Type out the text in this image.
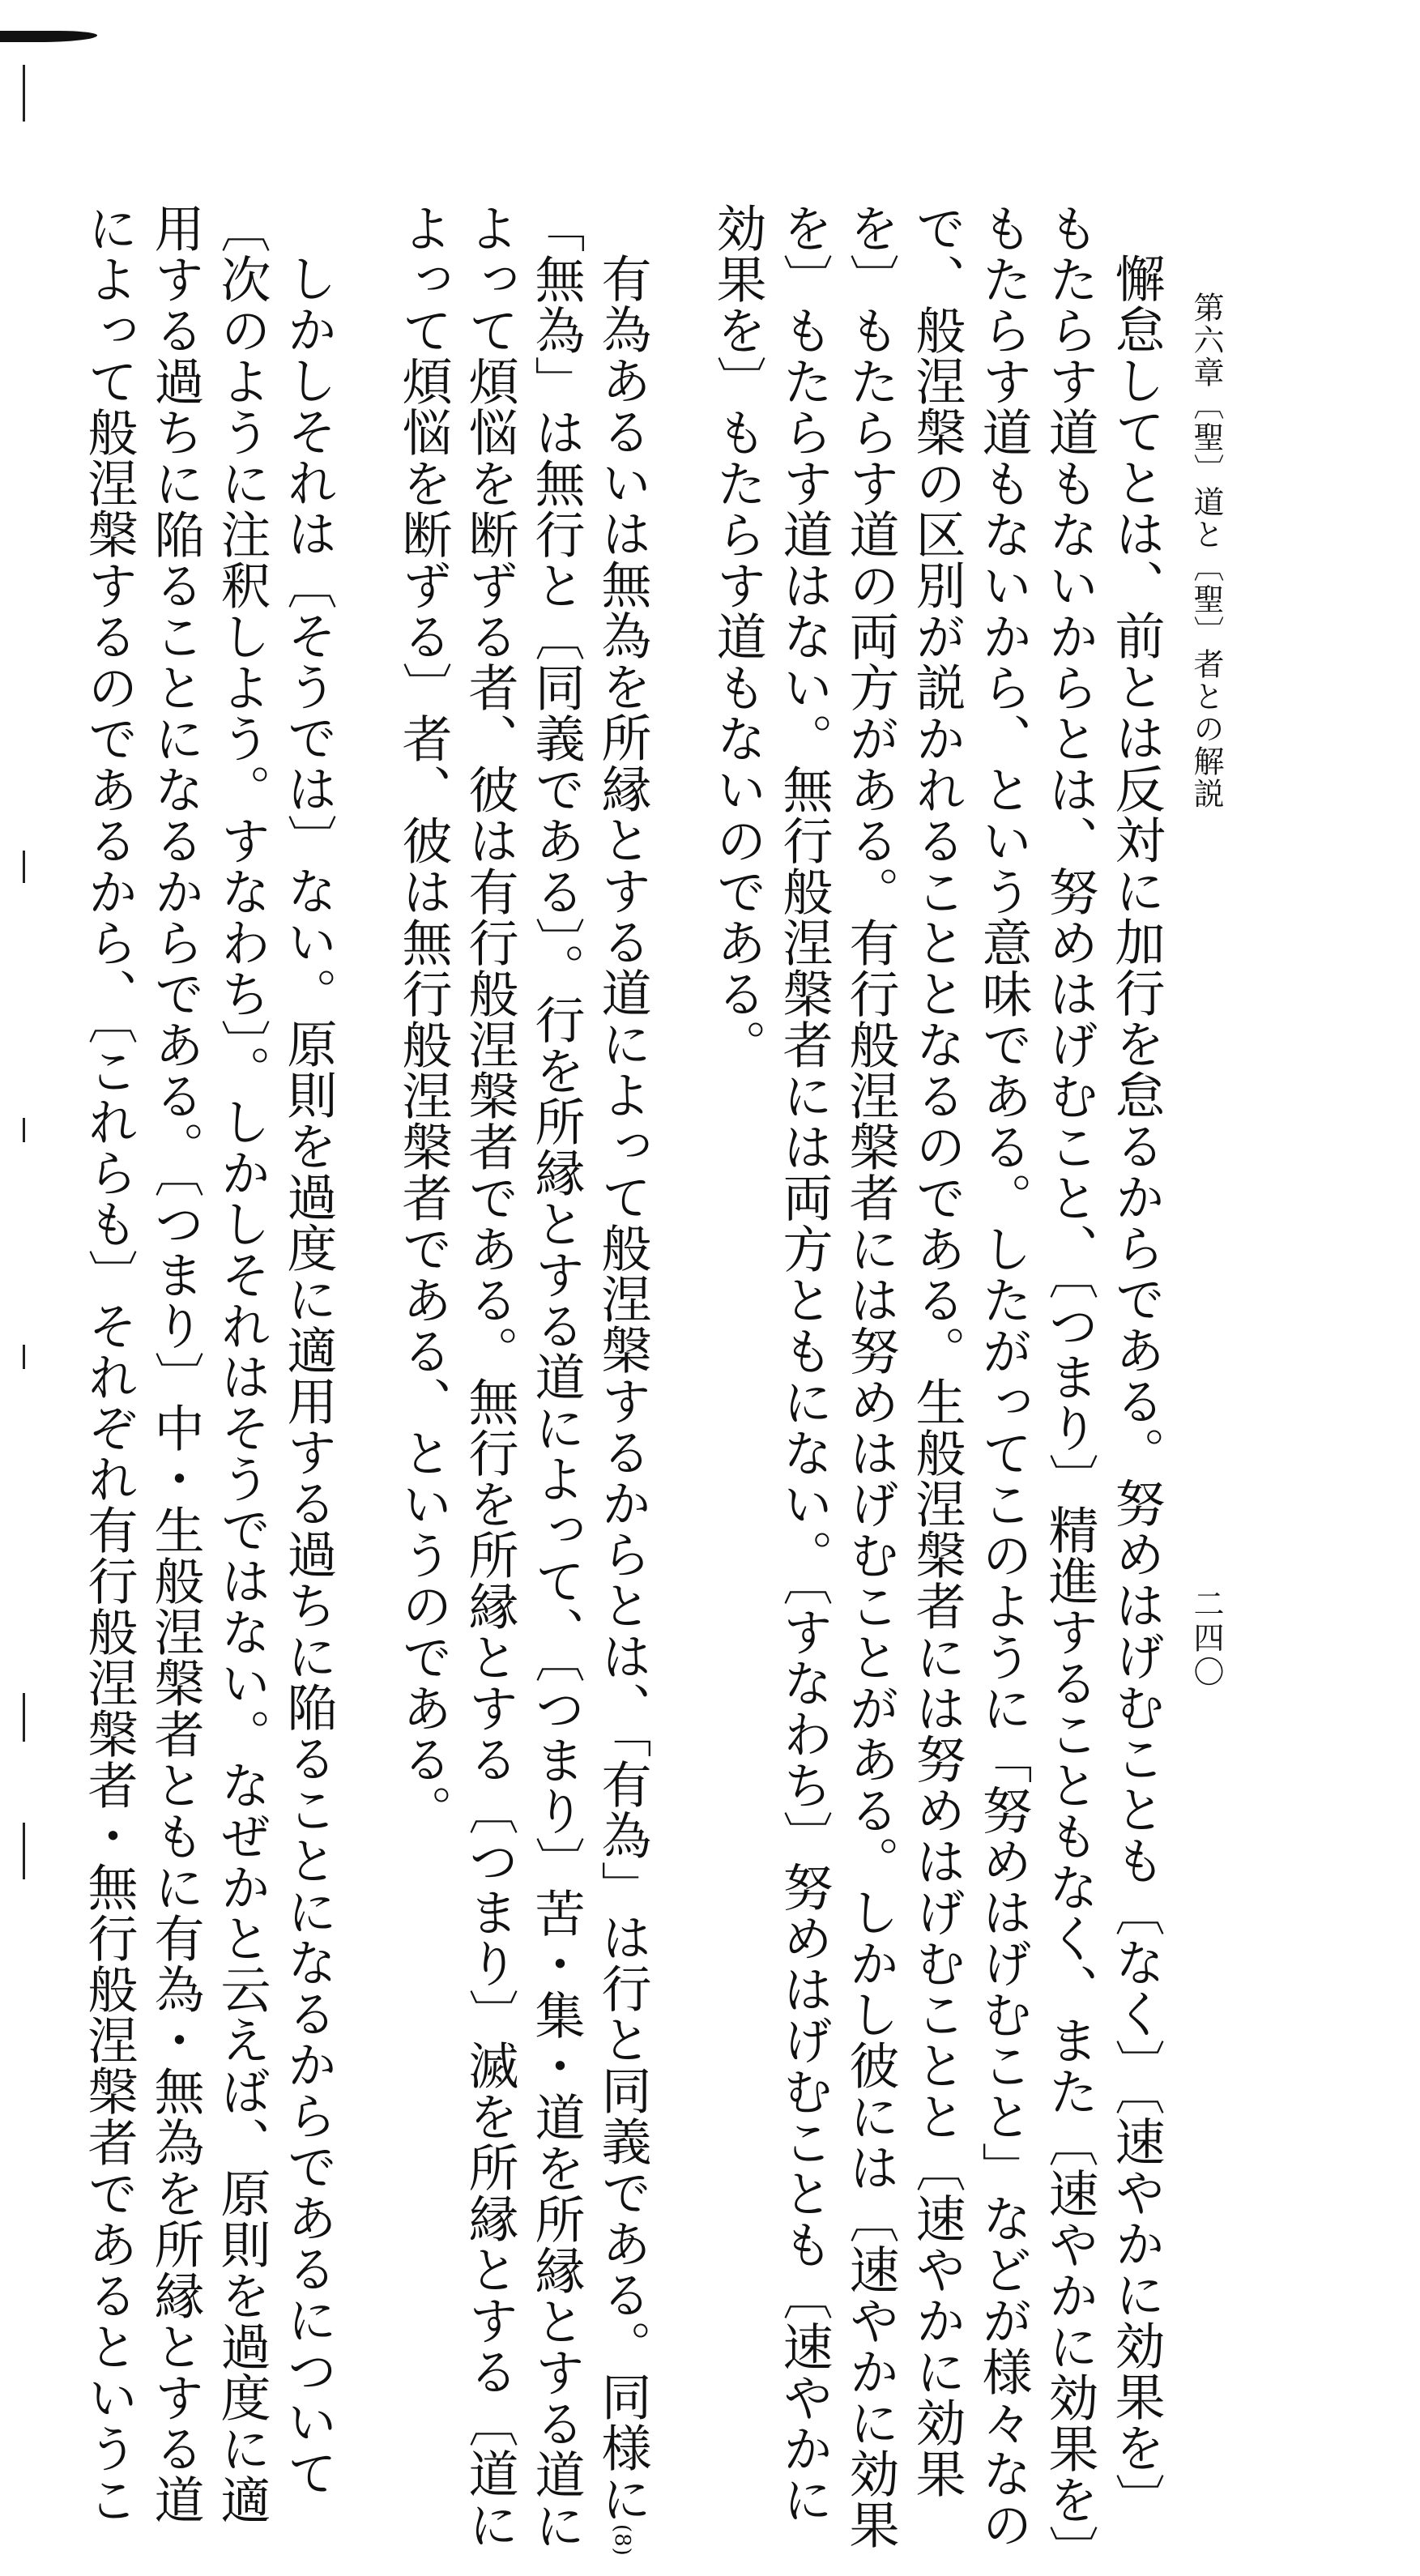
第六章〔聖〕道と〔聖〕者との解説
二四〇
懈怠してとは、前とは反対に加行を怠るからである。努めはげむことも〔なく〕〔速やかに効果を〕
もたらす道もないからとは、努めはげむこと、〔つまり〕精進することもなく、また〔速やかに効果を〕
もたらす道もないから、という意味である。したがってこのように「努めはげむこと」などが様々なの
で、般涅槃の区別が説かれることとなるのである。生般涅槃者には努めはげむことと〔速やかに効果
を〕もたらす道の両方がある。有行般涅槃者には努めはげむことがある。しかし彼には〔速やかに効果
を〕もたらす道はない。無行般涅槃者には両方ともにない。〔すなわち〕努めはげむことも〔速やかに
効果を〕もたらす道もないのである。
有為あるいは無為を所縁とする道によって般涅槃するからとは、「有為」は行と同義である。同様に$^{(8)}$
「無為」は無行と〔同義である〕。行を所縁とする道によって、〔つまり〕苦・集・道を所縁とする道に
よって煩悩を断ずる者、彼は有行般涅槃者である。無行を所縁とする〔つまり〕滅を所縁とする〔道に
よって煩悩を断ずる〕者、彼は無行般涅槃者である、というのである。
しかしそれは〔そうでは〕ない。原則を過度に適用する過ちに陥ることになるからであるについて
〔次のように注釈しよう。すなわち〕。しかしそれはそうではない。なぜかと云えば、原則を過度に適
用する過ちに陥ることになるからである。〔つまり〕中・生般涅槃者ともに有為・無為を所縁とする道
によって般涅槃するのであるから、〔これらも〕それぞれ有行般涅槃者・無行般涅槃者であるというこ
